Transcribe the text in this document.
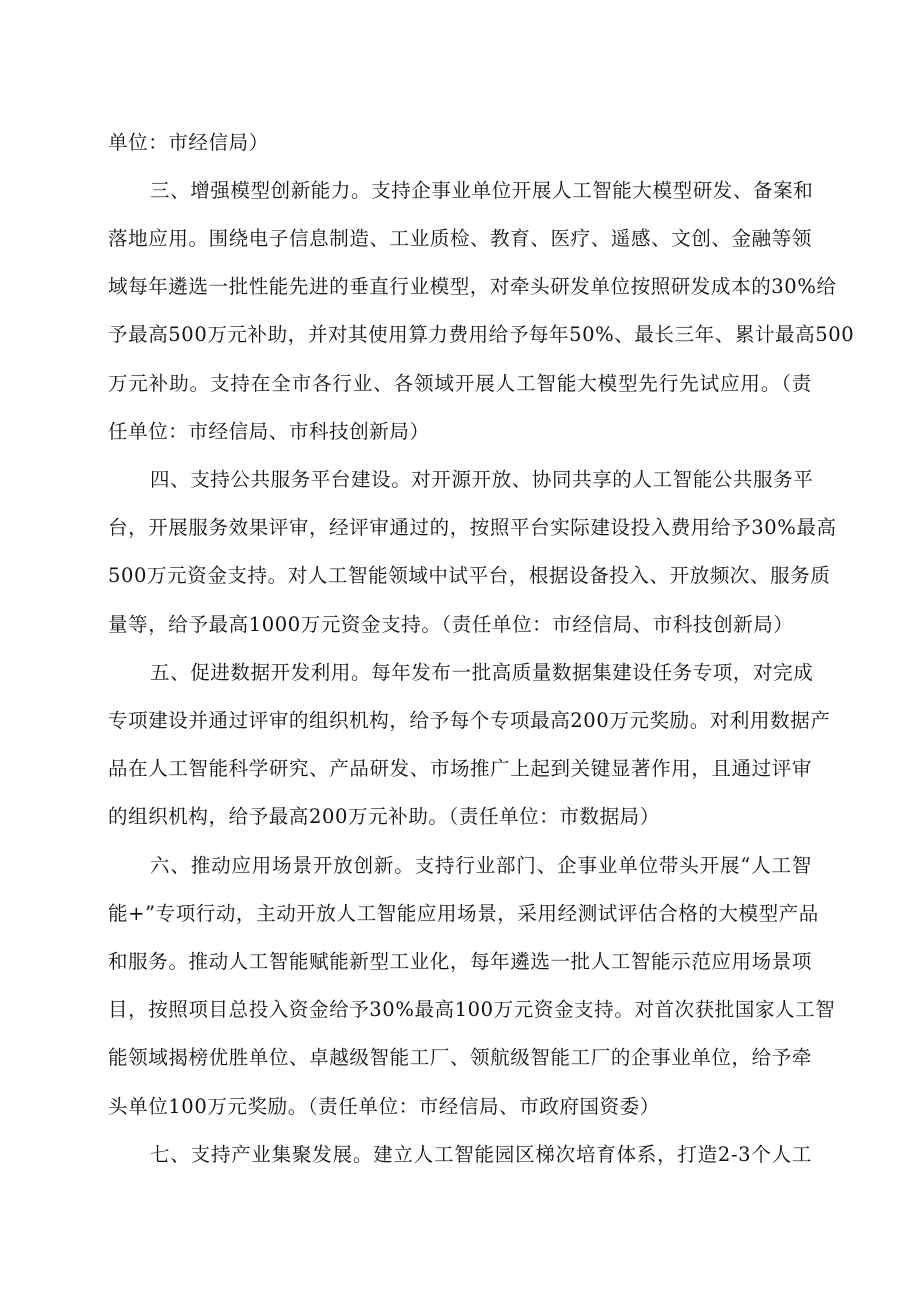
单位：市经信局）
三、增强模型创新能力。支持企事业单位开展人工智能大模型研发、备案和
落地应用。围绕电子信息制造、工业质检、教育、医疗、遥感、文创、金融等领
域每年遴选一批性能先进的垂直行业模型，对牵头研发单位按照研发成本的30%给
予最高500万元补助，并对其使用算力费用给予每年50%、最长三年、累计最高500
万元补助。支持在全市各行业、各领域开展人工智能大模型先行先试应用。（责
任单位：市经信局、市科技创新局）
四、支持公共服务平台建设。对开源开放、协同共享的人工智能公共服务平
台，开展服务效果评审，经评审通过的，按照平台实际建设投入费用给予30%最高
500万元资金支持。对人工智能领域中试平台，根据设备投入、开放频次、服务质
量等，给予最高1000万元资金支持。（责任单位：市经信局、市科技创新局）
五、促进数据开发利用。每年发布一批高质量数据集建设任务专项，对完成
专项建设并通过评审的组织机构，给予每个专项最高200万元奖励。对利用数据产
品在人工智能科学研究、产品研发、市场推广上起到关键显著作用，且通过评审
的组织机构，给予最高200万元补助。（责任单位：市数据局）
六、推动应用场景开放创新。支持行业部门、企事业单位带头开展“人工智
能+”专项行动，主动开放人工智能应用场景，采用经测试评估合格的大模型产品
和服务。推动人工智能赋能新型工业化，每年遴选一批人工智能示范应用场景项
目，按照项目总投入资金给予30%最高100万元资金支持。对首次获批国家人工智
能领域揭榜优胜单位、卓越级智能工厂、领航级智能工厂的企事业单位，给予牵
头单位100万元奖励。（责任单位：市经信局、市政府国资委）
七、支持产业集聚发展。建立人工智能园区梯次培育体系，打造2-3个人工
